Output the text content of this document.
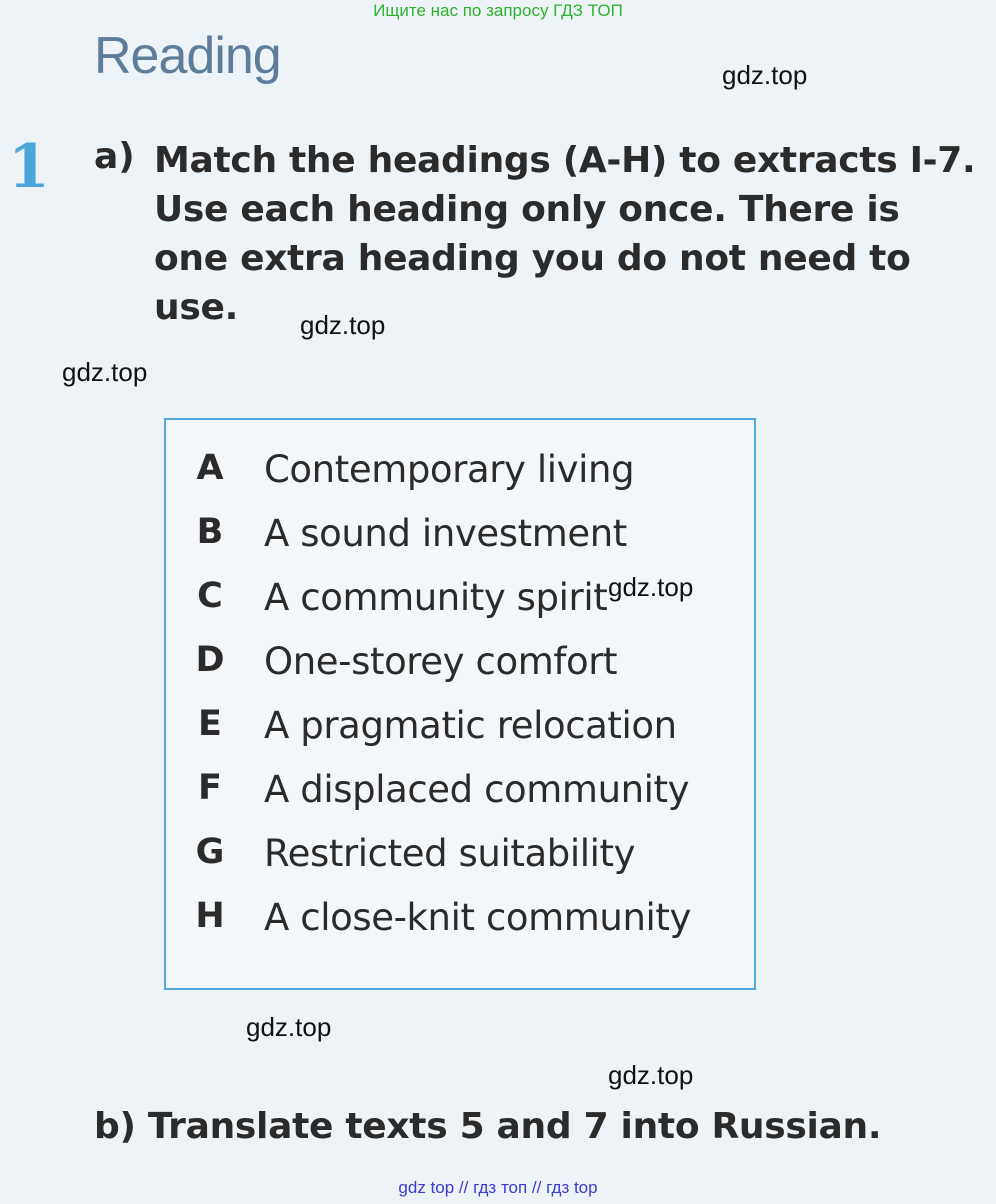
Ищите нас по запросу ГДЗ ТОП
Reading	gdz.top
1 a) Match the headings (A-H) to extracts I-7. Use each heading only once. There is one extra heading you do not need to use.	gdz.top
gdz.top
A Contemporary living
B A sound investment
C A community spirit
D One-storey comfort
E A pragmatic relocation
F A displaced community
G Restricted suitability
H A close-knit community
gdz.top
gdz.top
gdz.top
b) Translate texts 5 and 7 into Russian.
gdz top // гдз топ // гдз top
